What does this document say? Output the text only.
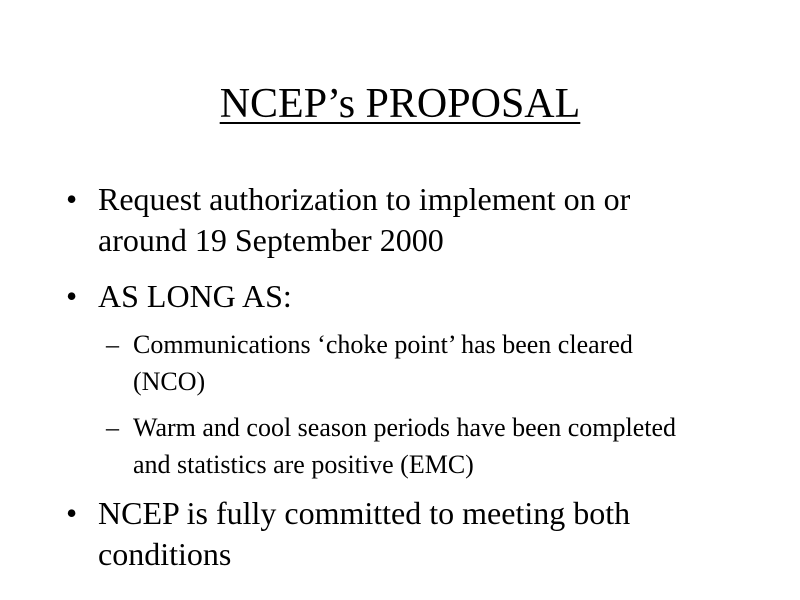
NCEP’s PROPOSAL
• Request authorization to implement on or around 19 September 2000
• AS LONG AS:
– Communications ‘choke point’ has been cleared (NCO)
– Warm and cool season periods have been completed and statistics are positive (EMC)
• NCEP is fully committed to meeting both conditions
